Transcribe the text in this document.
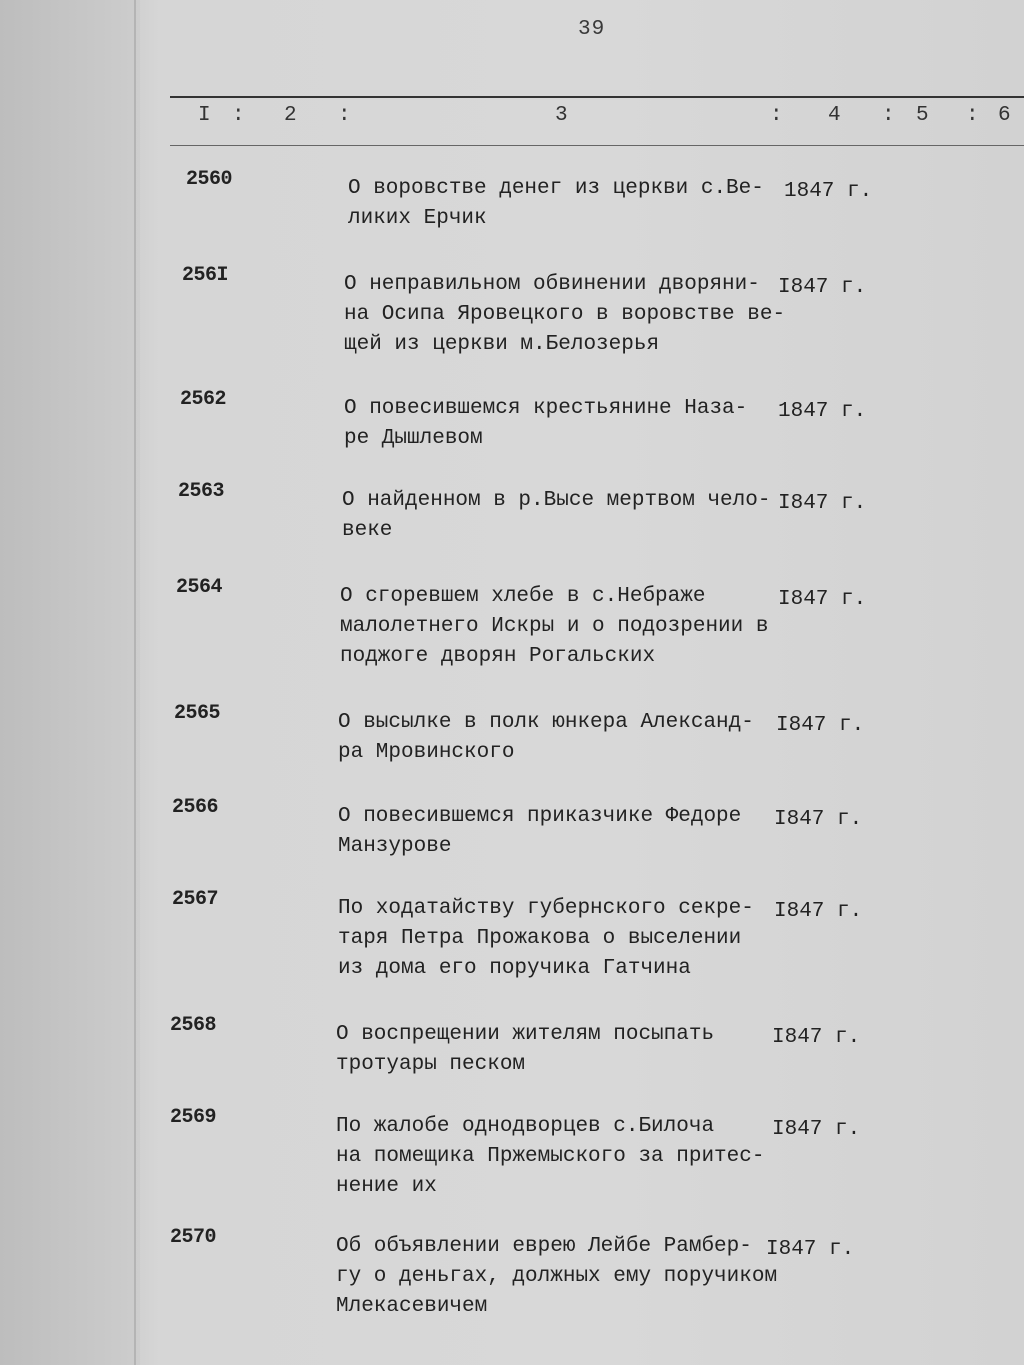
39
I : 2 :	3	: 4 : 5 : 6
2560	О воровстве денег из церкви с.Ве-
ликих Ерчик
1847 г.
256I	О неправильном обвинении дворяни-
на Осипа Яровецкого в воровстве ве-
щей из церкви м.Белозерья
I847 г.
2562	О повесившемся крестьянине Наза-
ре Дышлевом
1847 г.
2563	О найденном в р.Высе мертвом чело-
веке
I847 г.
2564	О сгоревшем хлебе в с.Небраже
малолетнего Искры и о подозрении в
поджоге дворян Рогальских
I847 г.
2565	О высылке в полк юнкера Александ-
ра Мровинского
I847 г.
2566	О повесившемся приказчике Федоре
Манзурове
I847 г.
2567	По ходатайству губернского секре-
таря Петра Прожакова о выселении
из дома его поручика Гатчина
I847 г.
2568	О воспрещении жителям посыпать
тротуары песком
I847 г.
2569	По жалобе однодворцев с.Билоча
на помещика Пржемыского за притес-
нение их
I847 г.
2570	Об объявлении еврею Лейбе Рамбер-
гу о деньгах, должных ему поручиком
Млекасевичем
I847 г.
